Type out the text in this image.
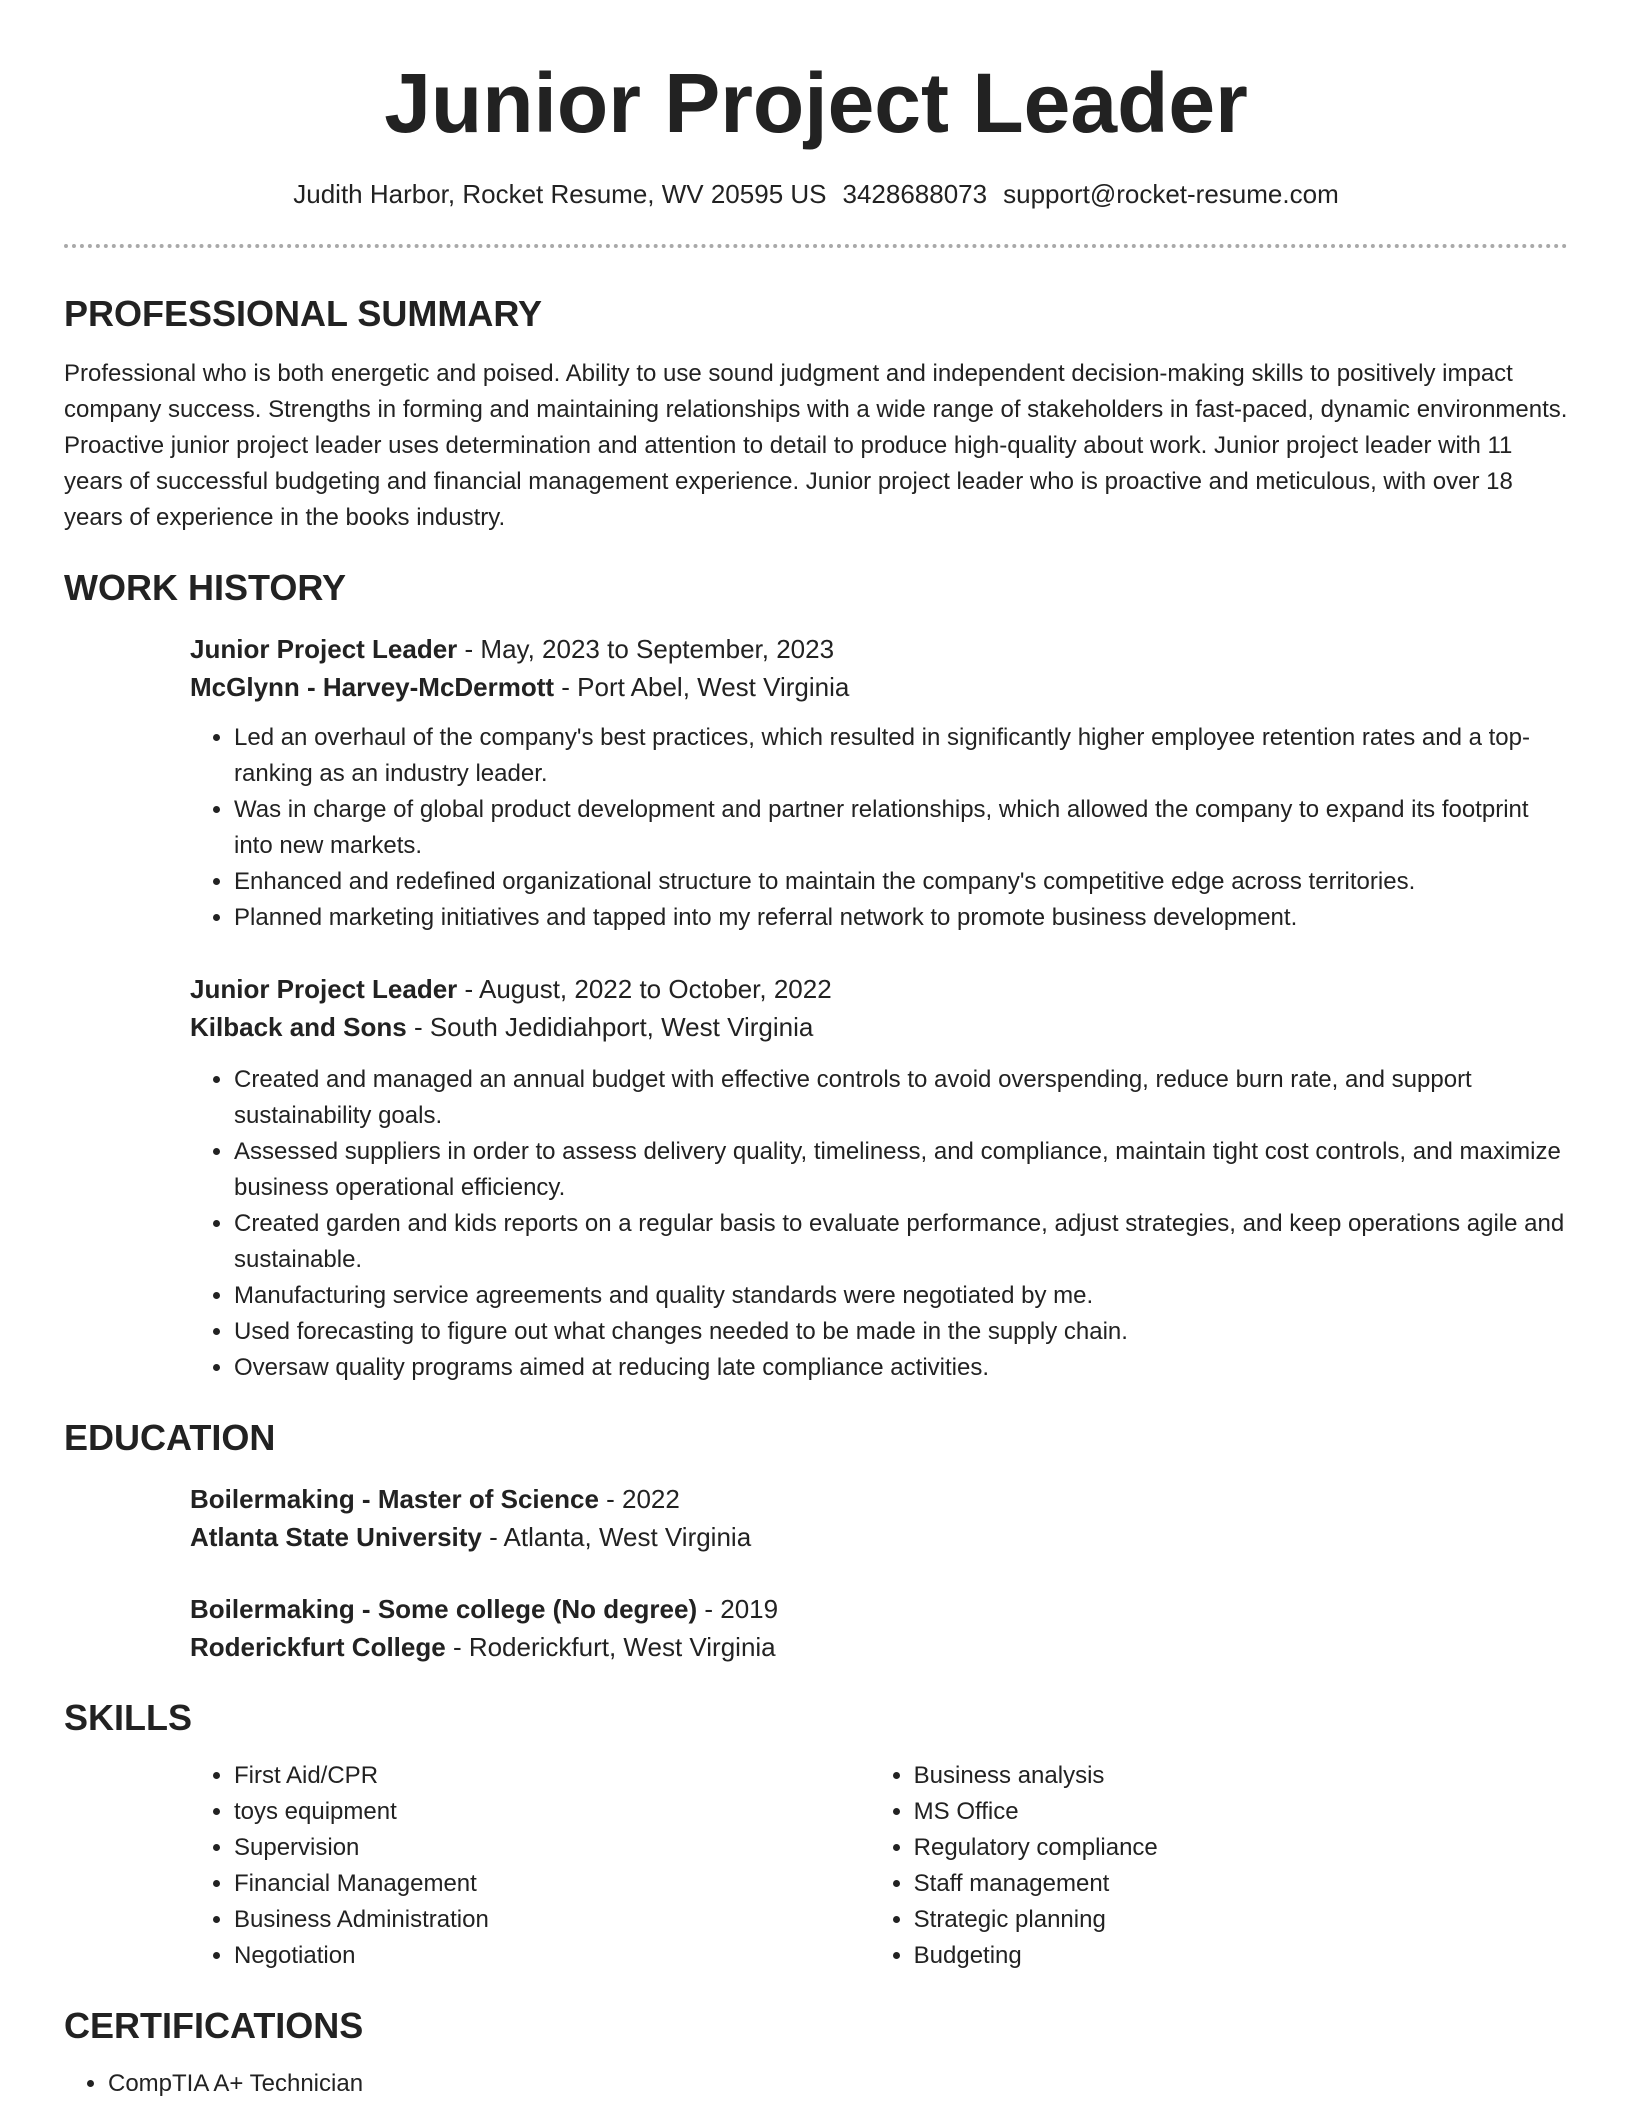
Junior Project Leader
Judith Harbor, Rocket Resume, WV 20595 US 3428688073 support@rocket-resume.com
PROFESSIONAL SUMMARY

Professional who is both energetic and poised. Ability to use sound judgment and independent decision-making skills to positively impact company success. Strengths in forming and maintaining relationships with a wide range of stakeholders in fast-paced, dynamic environments. Proactive junior project leader uses determination and attention to detail to produce high-quality about work. Junior project leader with 11 years of successful budgeting and financial management experience. Junior project leader who is proactive and meticulous, with over 18 years of experience in the books industry.

WORK HISTORY

Junior Project Leader - May, 2023 to September, 2023

McGlynn - Harvey-McDermott - Port Abel, West Virginia

• Led an overhaul of the company's best practices, which resulted in significantly higher employee retention rates and a top-ranking as an industry leader.
• Was in charge of global product development and partner relationships, which allowed the company to expand its footprint into new markets.
• Enhanced and redefined organizational structure to maintain the company's competitive edge across territories.
• Planned marketing initiatives and tapped into my referral network to promote business development.

Junior Project Leader - August, 2022 to October, 2022

Kilback and Sons - South Jedidiahport, West Virginia

• Created and managed an annual budget with effective controls to avoid overspending, reduce burn rate, and support sustainability goals.
• Assessed suppliers in order to assess delivery quality, timeliness, and compliance, maintain tight cost controls, and maximize business operational efficiency.
• Created garden and kids reports on a regular basis to evaluate performance, adjust strategies, and keep operations agile and sustainable.
• Manufacturing service agreements and quality standards were negotiated by me.
• Used forecasting to figure out what changes needed to be made in the supply chain.
• Oversaw quality programs aimed at reducing late compliance activities.
EDUCATION

Boilermaking - Master of Science - 2022

Atlanta State University - Atlanta, West Virginia

Boilermaking - Some college (No degree) - 2019

Roderickfurt College - Roderickfurt, West Virginia

SKILLS
• First Aid/CPR
• toys equipment
• Supervision
• Financial Management
• Business Administration
• Negotiation
• Business analysis
• MS Office
• Regulatory compliance
• Staff management
• Strategic planning
• Budgeting
CERTIFICATIONS
• CompTIA A+ Technician
